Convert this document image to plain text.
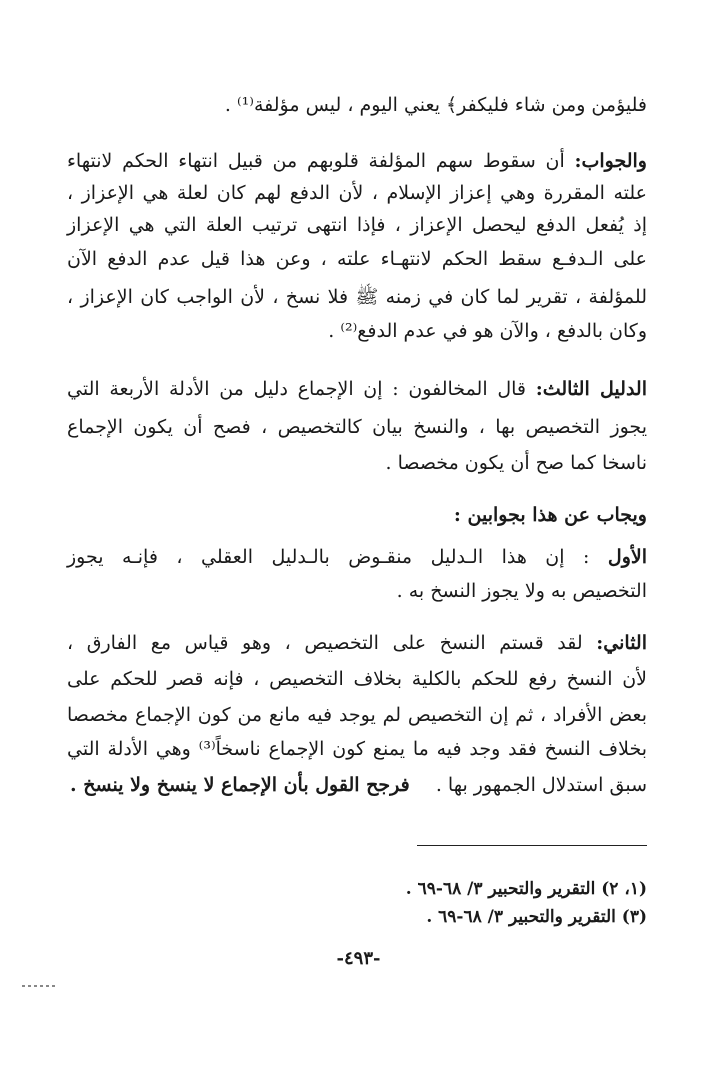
فليؤمن ومن شاء فليكفر﴾ يعني اليوم ، ليس مؤلفة⁽¹⁾ .
والجواب: أن سقوط سهم المؤلفة قلوبهم من قبيل انتهاء الحكم لانتهاء
علته المقررة وهي إعزاز الإسلام ، لأن الدفع لهم كان لعلة هي الإعزاز ،
إذ يُفعل الدفع ليحصل الإعزاز ، فإذا انتهى ترتيب العلة التي هي الإعزاز
على الـدفـع سقط الحكم لانتهـاء علته ، وعن هذا قيل عدم الدفع الآن
للمؤلفة ، تقرير لما كان في زمنه ﷺ فلا نسخ ، لأن الواجب كان الإعزاز ،
وكان بالدفع ، والآن هو في عدم الدفع⁽²⁾ .
الدليل الثالث: قال المخالفون : إن الإجماع دليل من الأدلة الأربعة التي
يجوز التخصيص بها ، والنسخ بيان كالتخصيص ، فصح أن يكون الإجماع
ناسخا كما صح أن يكون مخصصا .
ويجاب عن هذا بجوابين :
الأول : إن هذا الـدليل منقـوض بالـدليل العقلي ، فإنـه يجوز
التخصيص به ولا يجوز النسخ به .
الثاني: لقد قستم النسخ على التخصيص ، وهو قياس مع الفارق ،
لأن النسخ رفع للحكم بالكلية بخلاف التخصيص ، فإنه قصر للحكم على
بعض الأفراد ، ثم إن التخصيص لم يوجد فيه مانع من كون الإجماع مخصصا
بخلاف النسخ فقد وجد فيه ما يمنع كون الإجماع ناسخاً⁽³⁾ وهي الأدلة التي
سبق استدلال الجمهور بها .  فرجح القول بأن الإجماع لا ينسخ ولا ينسخ .
(١، ٢) التقرير والتحبير ٣/ ٦٨-٦٩ .
(٣) التقرير والتحبير ٣/ ٦٨-٦٩ .
-٤٩٣-
